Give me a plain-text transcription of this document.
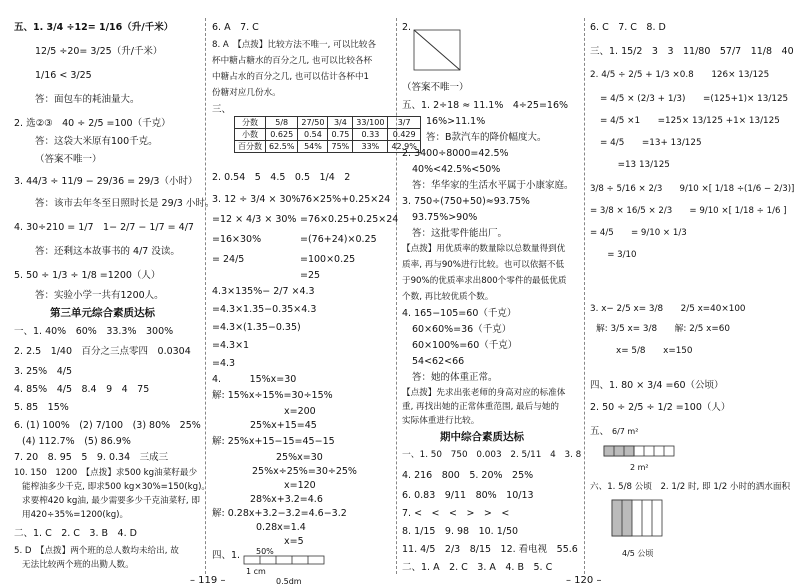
五、1. 3/4 ÷12= 1/16（升/千米）
12/5 ÷20= 3/25（升/千米）
1/16 < 3/25
答：面包车的耗油量大。
2. 选②③　40 ÷ 2/5 =100（千克）
答：这袋大米原有100千克。
（答案不唯一）
3. 44/3 ÷ 11/9 − 29/36 = 29/3（小时）
答：该市去年冬至日照时长是 29/3 小时。
4. 30÷210 = 1/7　1− 2/7 − 1/7 = 4/7
答：还剩这本故事书的 4/7 没读。
5. 50 ÷ 1/3 ÷ 1/8 =1200（人）
答：实验小学一共有1200人。
第三单元综合素质达标
一、1. 40%　60%　33.3%　300%
2. 2.5　1/40　百分之三点零四　0.0304
3. 25%　4/5
4. 85%　4/5　8.4　9　4　75
5. 85　15%
6. (1) 100%　(2) 7/100　(3) 80%　25%
(4) 112.7%　(5) 86.9%
7. 20　8. 95　5　9. 0.34̇　三成三
10. 150　1200　【点拨】求500 kg油菜籽最少
能榨油多少千克, 即求500 kg×30%=150(kg)。
求要榨420 kg油, 最少需要多少千克油菜籽, 即
用420÷35%=1200(kg)。
二、1. C　2. C　3. B　4. D
5. D　【点拨】两个班的总人数均未给出, 故
无法比较两个班的出勤人数。
6. A　7. C
8. A　【点拨】比较方法不唯一, 可以比较各
杯中糖占糖水的百分之几, 也可以比较各杯
中糖占水的百分之几, 也可以估计各杯中1
份糖对应几份水。
三、
分数	5/8	27/50	3/4	33/100	3/7
小数	0.625	0.54	0.75	0.33	0.429
百分数	62.5%	54%	75%	33%	42.9%
2. 0.54　5　4.5　0.5　1/4　2
3. 12 ÷ 3/4 × 30% 76×25%+0.25×24
=12 × 4/3 × 30% =76×0.25+0.25×24
=16×30%	=(76+24)×0.25
= 24/5	=100×0.25
=25
4.3×135%− 2/7 ×4.3
=4.3×1.35−0.35×4.3
=4.3×(1.35−0.35)
=4.3×1
=4.3
4.　　　15%x=30
解: 15%x÷15%=30÷15%
x=200
25%x+15=45
解: 25%x+15−15=45−15
25%x=30
25%x÷25%=30÷25%
x=120
28%x+3.2=4.6
解: 0.28x+3.2−3.2=4.6−3.2
0.28x=1.4
x=5
四、1. 50%
1 cm
0.5dm
2.
（答案不唯一）
五、1. 2÷18 ≈ 11.1%　4÷25=16%
16%>11.1%
答：B款汽车的降价幅度大。
2. 3400÷8000=42.5%
40%<42.5%<50%
答：华华家的生活水平属于小康家庭。
3. 750÷(750+50)≈93.75%
93.75%>90%
答：这批零件能出厂。
【点拨】用优质率的数量除以总数量得到优
质率, 再与90%进行比较。也可以依据不低
于90%的优质率求出800个零件的最低优质
个数, 再比较优质个数。
4. 165−105=60（千克）
60×60%=36（千克）
60×100%=60（千克）
54<62<66
答：她的体重正常。
【点拨】先求出张老师的身高对应的标准体
重, 再找出她的正常体重范围, 最后与她的
实际体重进行比较。
期中综合素质达标
一、1. 50　750　0.003　2. 5/11　4　3. 8
4. 216　800　5. 20%　25%
6. 0.83　9/11　80%　10/13
7. <　<　<　>　>　<
8. 1/15　9. 98　10. 1/50　
11. 4/5　2/3　8/15　12. 看电视　55.6
二、1. A　2. C　3. A　4. B　5. C
6. C　7. C　8. D
三、1. 15/2　3　3　11/80　57/7　11/8　40
2. 4/5 ÷ 2/5 + 1/3 ×0.8　　126× 13/125
= 4/5 × (2/3 + 1/3)　　=(125+1)× 13/125
= 4/5 ×1　　=125× 13/125 +1× 13/125
= 4/5　　=13+ 13/125
　　=13 13/125
3/8 ÷ 5/16 × 2/3　　9/10 ×[ 1/18 ÷(1/6 − 2/3)]
= 3/8 × 16/5 × 2/3　　= 9/10 ×[ 1/18 ÷ 1/6 ]
= 4/5　　= 9/10 × 1/3
　　= 3/10
3. x− 2/5 x= 3/8　　2/5 x=40×100
解: 3/5 x= 3/8　　解: 2/5 x=60
x= 5/8　　x=150
四、1. 80 × 3/4 =60（公顷）
2. 50 ÷ 2/5 ÷ 1/2 =100（人）
五、 6/7 m²
2 m²
六、1. 5/8 公顷　2. 1/2 时, 即 1/2 小时的洒水面积
4/5 公顷
– 119 –	– 120 –
